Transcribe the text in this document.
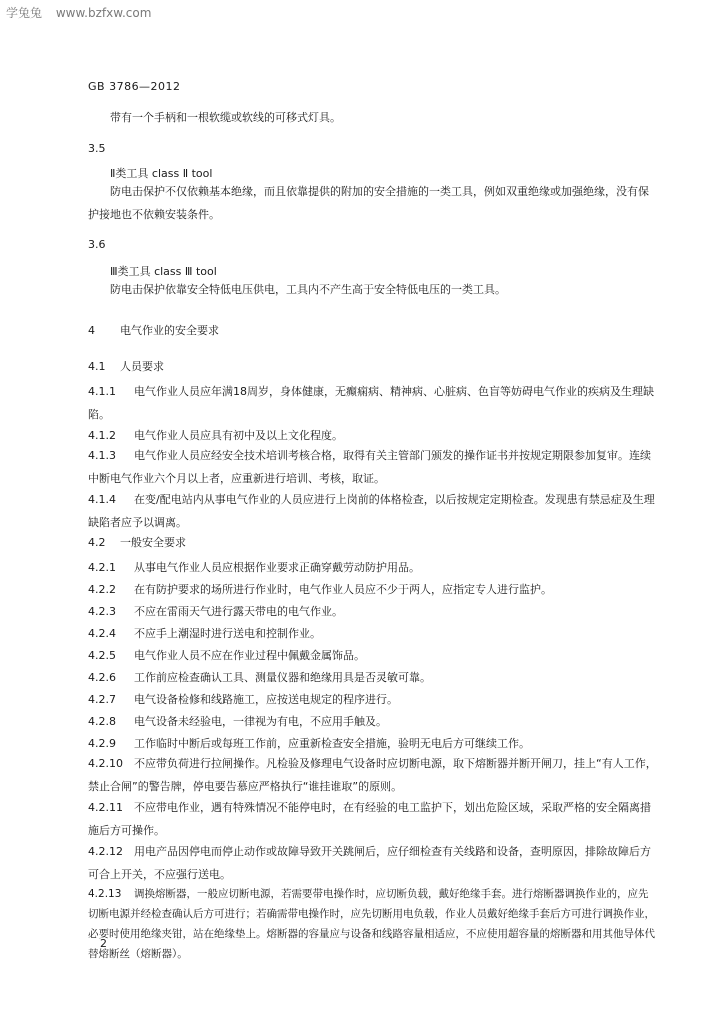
学兔兔 www.bzfxw.com
GB 3786—2012
带有一个手柄和一根软缆或软线的可移式灯具。
3.5
Ⅱ类工具 class Ⅱ tool
防电击保护不仅依赖基本绝缘，而且依靠提供的附加的安全措施的一类工具，例如双重绝缘或加强绝缘，没有保护接地也不依赖安装条件。
3.6
Ⅲ类工具 class Ⅲ tool
防电击保护依靠安全特低电压供电，工具内不产生高于安全特低电压的一类工具。
4 电气作业的安全要求
4.1 人员要求
4.1.1 电气作业人员应年满18周岁，身体健康，无癫痫病、精神病、心脏病、色盲等妨碍电气作业的疾病及生理缺陷。
4.1.2 电气作业人员应具有初中及以上文化程度。
4.1.3 电气作业人员应经安全技术培训考核合格，取得有关主管部门颁发的操作证书并按规定期限参加复审。连续中断电气作业六个月以上者，应重新进行培训、考核，取证。
4.1.4 在变/配电站内从事电气作业的人员应进行上岗前的体格检查，以后按规定定期检查。发现患有禁忌症及生理缺陷者应予以调离。
4.2 一般安全要求
4.2.1 从事电气作业人员应根据作业要求正确穿戴劳动防护用品。
4.2.2 在有防护要求的场所进行作业时，电气作业人员应不少于两人，应指定专人进行监护。
4.2.3 不应在雷雨天气进行露天带电的电气作业。
4.2.4 不应手上潮湿时进行送电和控制作业。
4.2.5 电气作业人员不应在作业过程中佩戴金属饰品。
4.2.6 工作前应检查确认工具、测量仪器和绝缘用具是否灵敏可靠。
4.2.7 电气设备检修和线路施工，应按送电规定的程序进行。
4.2.8 电气设备未经验电，一律视为有电，不应用手触及。
4.2.9 工作临时中断后或每班工作前，应重新检查安全措施，验明无电后方可继续工作。
4.2.10 不应带负荷进行拉闸操作。凡检验及修理电气设备时应切断电源，取下熔断器并断开闸刀，挂上“有人工作，禁止合闸”的警告牌，停电要告慕应严格执行“谁挂谁取”的原则。
4.2.11 不应带电作业，遇有特殊情况不能停电时，在有经验的电工监护下，划出危险区域，采取严格的安全隔离措施后方可操作。
4.2.12 用电产品因停电而停止动作或故障导致开关跳闸后，应仔细检查有关线路和设备，查明原因，排除故障后方可合上开关，不应强行送电。
4.2.13 调换熔断器，一般应切断电源，若需要带电操作时，应切断负载，戴好绝缘手套。进行熔断器调换作业的，应先切断电源并经检查确认后方可进行；若确需带电操作时，应先切断用电负载，作业人员戴好绝缘手套后方可进行调换作业，必要时使用绝缘夹钳，站在绝缘垫上。熔断器的容量应与设备和线路容量相适应，不应使用超容量的熔断器和用其他导体代替熔断丝（熔断器）。
2
